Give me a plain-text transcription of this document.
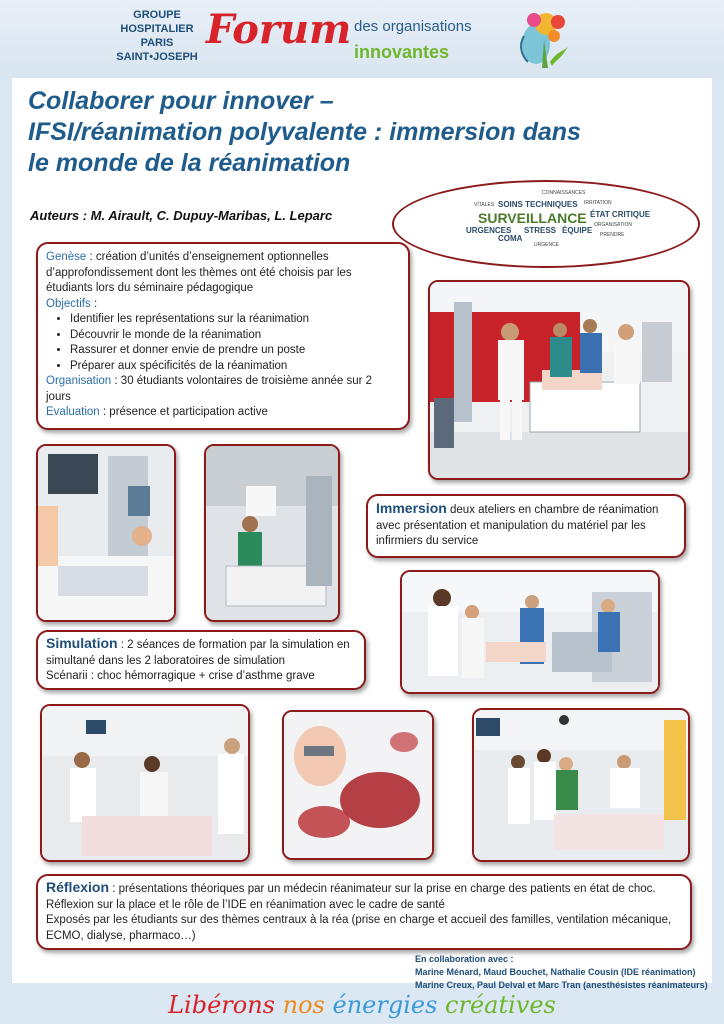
GROUPE
HOSPITALIER
PARIS
SAINT•JOSEPH
Forum des organisations
innovantes
Collaborer pour innover –
IFSI/réanimation polyvalente : immersion dans
le monde de la réanimation
Auteurs : M. Airault, C. Dupuy-Maribas, L. Leparc	SURVEILLANCE
SOINS TECHNIQUES
STRESS ÉQUIPE
URGENCES
COMA
ORGANISATION
ÉTAT CRITIQUE
VITALES	IRRITATION
URGENCE
PRENDRE
CONNAISSANCES
Genèse : création d’unités d’enseignement optionnelles d’approfondissement dont les thèmes ont été choisis par les étudiants lors du séminaire pédagogique
Objectifs :
• Identifier les représentations sur la réanimation
• Découvrir le monde de la réanimation
• Rassurer et donner envie de prendre un poste
• Préparer aux spécificités de la réanimation
Organisation : 30 étudiants volontaires de troisième année sur 2 jours
Evaluation : présence et participation active
Immersion deux ateliers en chambre de réanimation avec présentation et manipulation du matériel par les infirmiers du service
Simulation : 2 séances de formation par la simulation en simultané dans les 2 laboratoires de simulation
Scénarii : choc hémorragique + crise d’asthme grave
Réflexion : présentations théoriques par un médecin réanimateur sur la prise en charge des patients en état de choc.
Réflexion sur la place et le rôle de l’IDE en réanimation avec le cadre de santé
Exposés par les étudiants sur des thèmes centraux à la réa (prise en charge et accueil des familles, ventilation mécanique, ECMO, dialyse, pharmaco…)
En collaboration avec :
Marine Ménard, Maud Bouchet, Nathalie Cousin (IDE réanimation)
Marine Creux, Paul Delval et Marc Tran (anesthésistes réanimateurs)
Libérons nos énergies créatives
